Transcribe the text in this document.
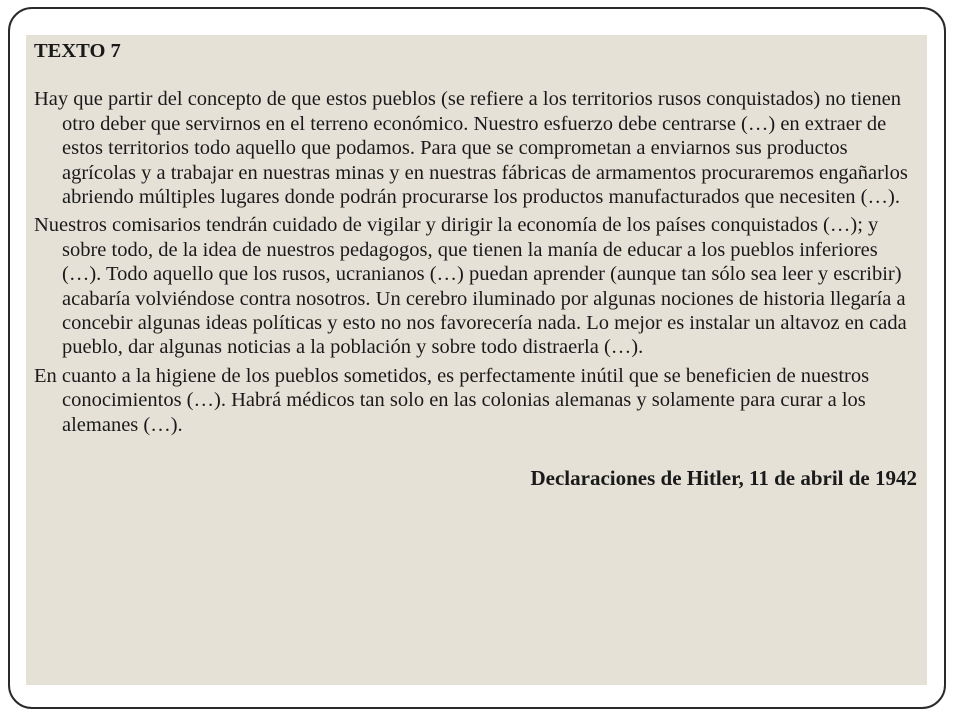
TEXTO 7

Hay que partir del concepto de que estos pueblos (se refiere a los territorios rusos conquistados) no tienen otro deber que servirnos en el terreno económico. Nuestro esfuerzo debe centrarse (…) en extraer de estos territorios todo aquello que podamos. Para que se comprometan a enviarnos sus productos agrícolas y a trabajar en nuestras minas y en nuestras fábricas de armamentos procuraremos engañarlos abriendo múltiples lugares donde podrán procurarse los productos manufacturados que necesiten (…).

Nuestros comisarios tendrán cuidado de vigilar y dirigir la economía de los países conquistados (…); y sobre todo, de la idea de nuestros pedagogos, que tienen la manía de educar a los pueblos inferiores (…). Todo aquello que los rusos, ucranianos (…) puedan aprender (aunque tan sólo sea leer y escribir) acabaría volviéndose contra nosotros. Un cerebro iluminado por algunas nociones de historia llegaría a concebir algunas ideas políticas y esto no nos favorecería nada. Lo mejor es instalar un altavoz en cada pueblo, dar algunas noticias a la población y sobre todo distraerla (…).

En cuanto a la higiene de los pueblos sometidos, es perfectamente inútil que se beneficien de nuestros conocimientos (…). Habrá médicos tan solo en las colonias alemanas y solamente para curar a los alemanes (…).

Declaraciones de Hitler, 11 de abril de 1942
